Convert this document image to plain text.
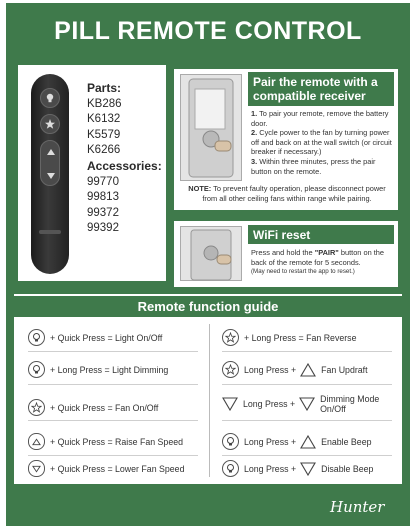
PILL REMOTE CONTROL
Parts:
KB286
K6132
K5579
K6266
Accessories:
99770
99813
99372
99392
Pair the remote with a compatible receiver
1. To pair your remote, remove the battery door.
2. Cycle power to the fan by turning power off and back on at the wall switch (or circuit breaker if necessary.)
3. Within three minutes, press the pair button on the remote.
NOTE: To prevent faulty operation, please disconnect power from all other ceiling fans within range while pairing.
WiFi reset
Press and hold the "PAIR" button on the back of the remote for 5 seconds.
(May need to restart the app to reset.)
Remote function guide
+ Quick Press = Light On/Off
+ Long Press = Light Dimming
+ Quick Press = Fan On/Off
+ Quick Press = Raise Fan Speed
+ Quick Press = Lower Fan Speed
+ Long Press = Fan Reverse
Long Press +	Fan Updraft
Long Press +	Dimming Mode On/Off
Long Press +	Enable Beep
Long Press +	Disable Beep
Hunter
